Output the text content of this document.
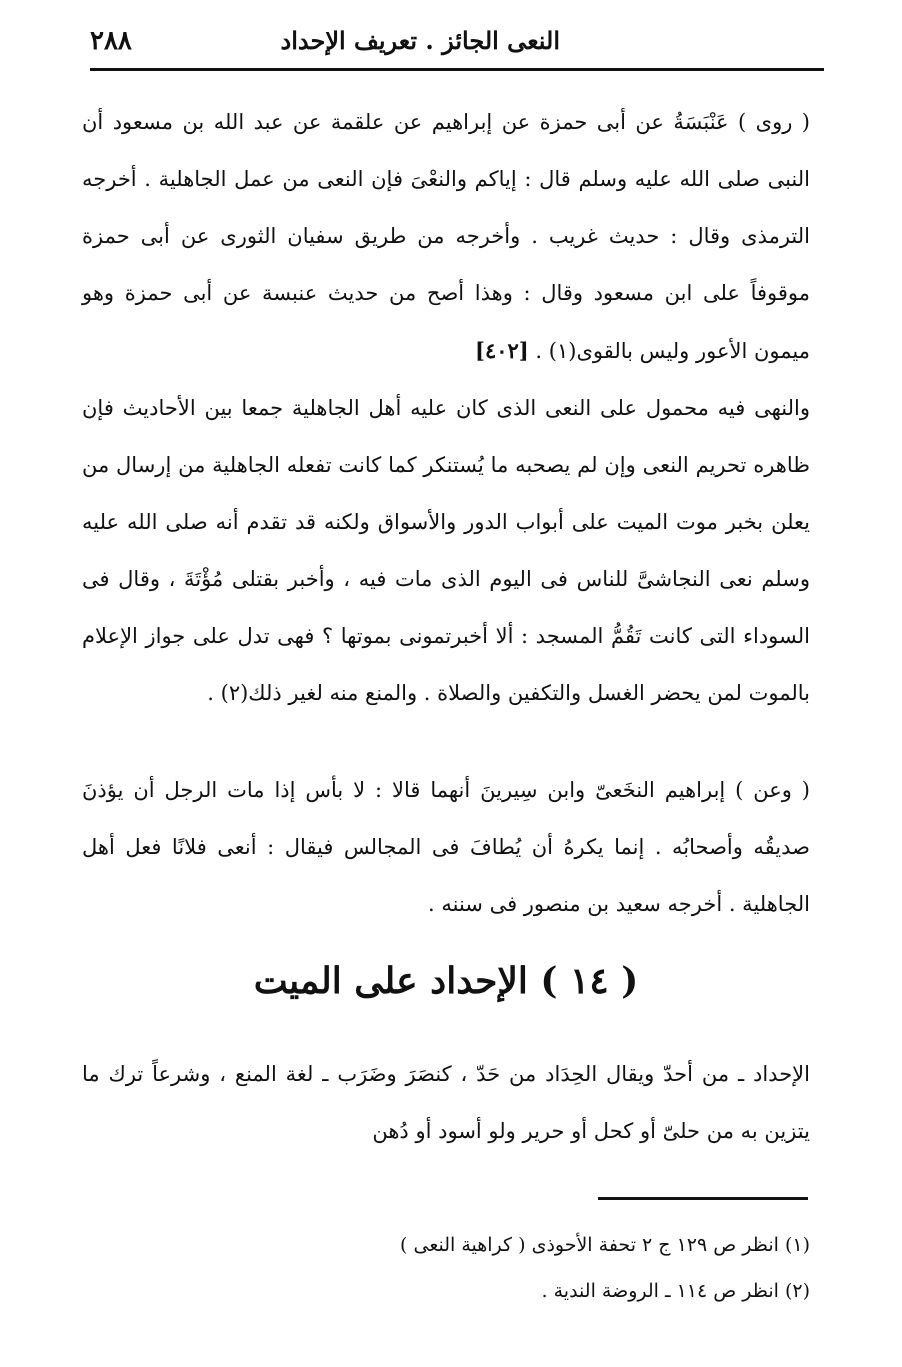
٢٨٨	النعى الجائز . تعريف الإحداد
( روى ) عَنْبَسَةُ عن أبى حمزة عن إبراهيم عن علقمة عن عبد الله بن مسعود أن النبى صلى الله عليه وسلم قال : إياكم والنعْىَ فإن النعى من عمل الجاهلية . أخرجه الترمذى وقال : حديث غريب . وأخرجه من طريق سفيان الثورى عن أبى حمزة موقوفاً على ابن مسعود وقال : وهذا أصح من حديث عنبسة عن أبى حمزة وهو ميمون الأعور وليس بالقوى(١) . [٤٠٢]
والنهى فيه محمول على النعى الذى كان عليه أهل الجاهلية جمعا بين الأحاديث فإن ظاهره تحريم النعى وإن لم يصحبه ما يُستنكر كما كانت تفعله الجاهلية من إرسال من يعلن بخبر موت الميت على أبواب الدور والأسواق ولكنه قد تقدم أنه صلى الله عليه وسلم نعى النجاشىَّ للناس فى اليوم الذى مات فيه ، وأخبر بقتلى مُؤْتَةَ ، وقال فى السوداء التى كانت تَقُمُّ المسجد : ألا أخبرتمونى بموتها ؟ فهى تدل على جواز الإعلام بالموت لمن يحضر الغسل والتكفين والصلاة . والمنع منه لغير ذلك(٢) .
( وعن ) إبراهيم النخَعىّ وابن سِيرينَ أنهما قالا : لا بأس إذا مات الرجل أن يؤذنَ صديقُه وأصحابُه . إنما يكرهُ أن يُطافَ فى المجالس فيقال : أنعى فلانًا فعل أهل الجاهلية . أخرجه سعيد بن منصور فى سننه .
( ١٤ ) الإحداد على الميت
الإحداد ـ من أحدّ ويقال الحِدَاد من حَدّ ، كنصَرَ وضَرَب ـ لغة المنع ، وشرعاً ترك ما يتزين به من حلىّ أو كحل أو حرير ولو أسود أو دُهن
(١) انظر ص ١٢٩ ج ٢ تحفة الأحوذى ( كراهية النعى )
(٢) انظر ص ١١٤ ـ الروضة الندية .
